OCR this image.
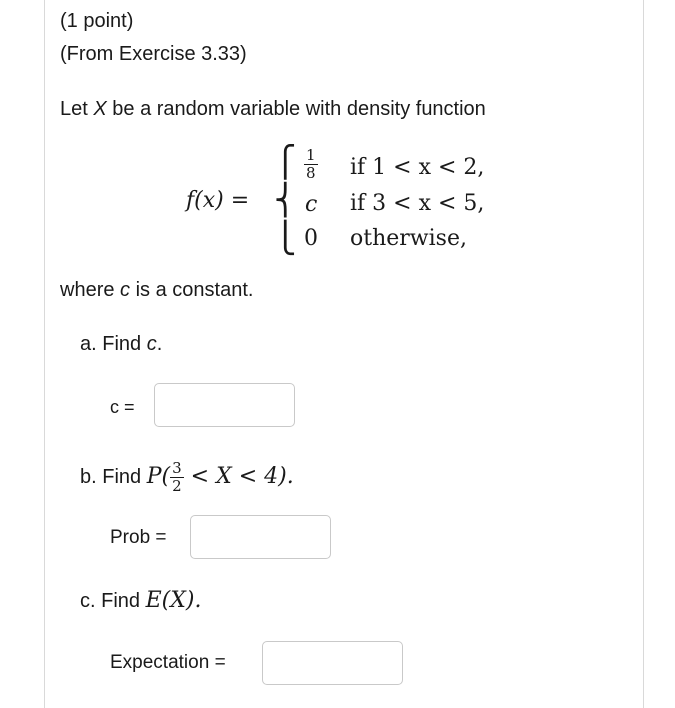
(1 point)
(From Exercise 3.33)
Let X be a random variable with density function
f(x) =
⎧
⎨
⎩
$\frac{1}{8}$ if 1 < x < 2,
c if 3 < x < 5,
0 otherwise,
where c is a constant.
a. Find c.
c =
b. Find $P( \frac{3}{2} < X < 4)$.
Prob =
c. Find E(X).
Expectation =
